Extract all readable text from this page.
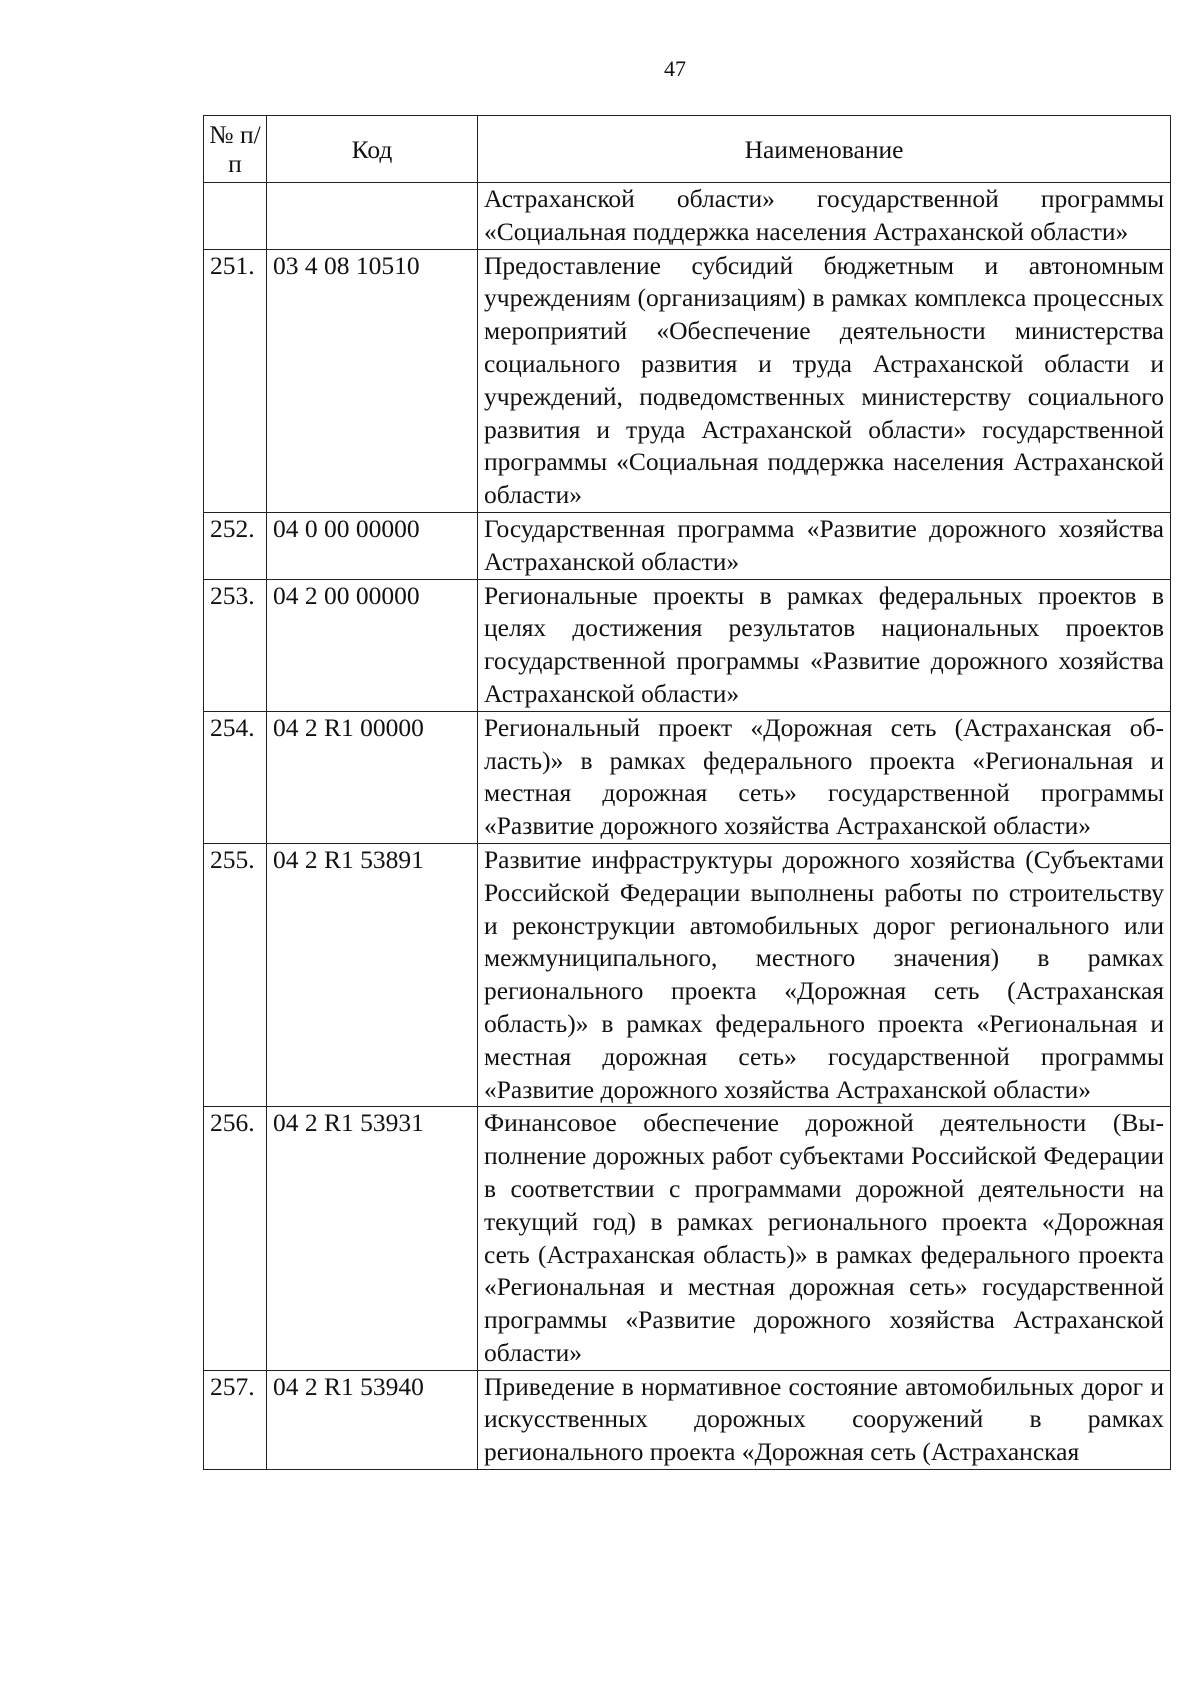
47
№ п/п	Код	Наименование
		Астраханской области» государственной программы «Социальная поддержка населения Астраханской области»
251.	03 4 08 10510	Предоставление субсидий бюджетным и автономным учреждениям (организациям) в рамках комплекса процессных мероприятий «Обеспечение деятельности министерства социального развития и труда Астраханской области и учреждений, подведомственных министерству социального развития и труда Астраханской области» государственной программы «Социальная поддержка населения Астраханской области»
252.	04 0 00 00000	Государственная программа «Развитие дорожного хозяйства Астраханской области»
253.	04 2 00 00000	Региональные проекты в рамках федеральных проектов в целях достижения результатов национальных проектов государственной программы «Развитие дорожного хозяйства Астраханской области»
254.	04 2 R1 00000	Региональный проект «Дорожная сеть (Астраханская область)» в рамках федерального проекта «Региональная и местная дорожная сеть» государственной программы «Развитие дорожного хозяйства Астраханской области»
255.	04 2 R1 53891	Развитие инфраструктуры дорожного хозяйства (Субъектами Российской Федерации выполнены работы по строительству и реконструкции автомобильных дорог регионального или межмуниципального, местного значения) в рамках регионального проекта «Дорожная сеть (Астраханская область)» в рамках федерального проекта «Региональная и местная дорожная сеть» государственной программы «Развитие дорожного хозяйства Астраханской области»
256.	04 2 R1 53931	Финансовое обеспечение дорожной деятельности (Выполнение дорожных работ субъектами Российской Федерации в соответствии с программами дорожной деятельности на текущий год) в рамках регионального проекта «Дорожная сеть (Астраханская область)» в рамках федерального проекта «Региональная и местная дорожная сеть» государственной программы «Развитие дорожного хозяйства Астраханской области»
257.	04 2 R1 53940	Приведение в нормативное состояние автомобильных дорог и искусственных дорожных сооружений в рамках регионального проекта «Дорожная сеть (Астраханская
